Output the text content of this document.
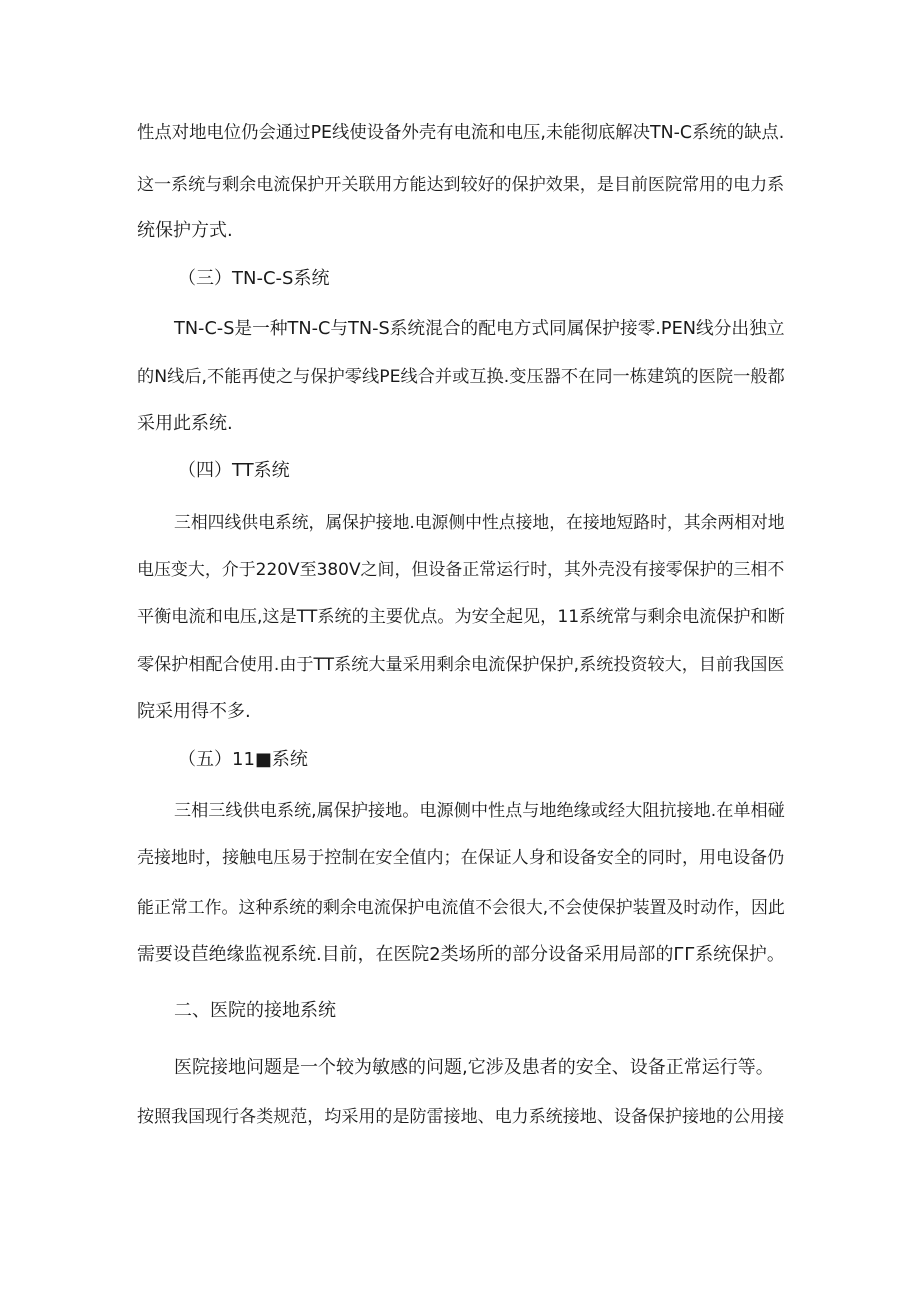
性点对地电位仍会通过PE线使设备外壳有电流和电压,未能彻底解决TN-C系统的缺点.
这一系统与剩余电流保护开关联用方能达到较好的保护效果，是目前医院常用的电力系
统保护方式.
（三）TN-C-S系统
TN-C-S是一种TN-C与TN-S系统混合的配电方式同属保护接零.PEN线分出独立
的N线后,不能再使之与保护零线PE线合并或互换.变压器不在同一栋建筑的医院一般都
采用此系统.
（四）TT系统
三相四线供电系统，属保护接地.电源侧中性点接地，在接地短路时，其余两相对地
电压变大，介于220V至380V之间，但设备正常运行时，其外壳没有接零保护的三相不
平衡电流和电压,这是TT系统的主要优点。为安全起见，11系统常与剩余电流保护和断
零保护相配合使用.由于TT系统大量采用剩余电流保护保护,系统投资较大，目前我国医
院采用得不多.
（五）11■系统
三相三线供电系统,属保护接地。电源侧中性点与地绝缘或经大阻抗接地.在单相碰
壳接地时，接触电压易于控制在安全值内；在保证人身和设备安全的同时，用电设备仍
能正常工作。这种系统的剩余电流保护电流值不会很大,不会使保护装置及时动作，因此
需要设苣绝缘监视系统.目前，在医院2类场所的部分设备采用局部的ГГ系统保护。
二、医院的接地系统
医院接地问题是一个较为敏感的问题,它涉及患者的安全、设备正常运行等。
按照我国现行各类规范，均采用的是防雷接地、电力系统接地、设备保护接地的公用接
